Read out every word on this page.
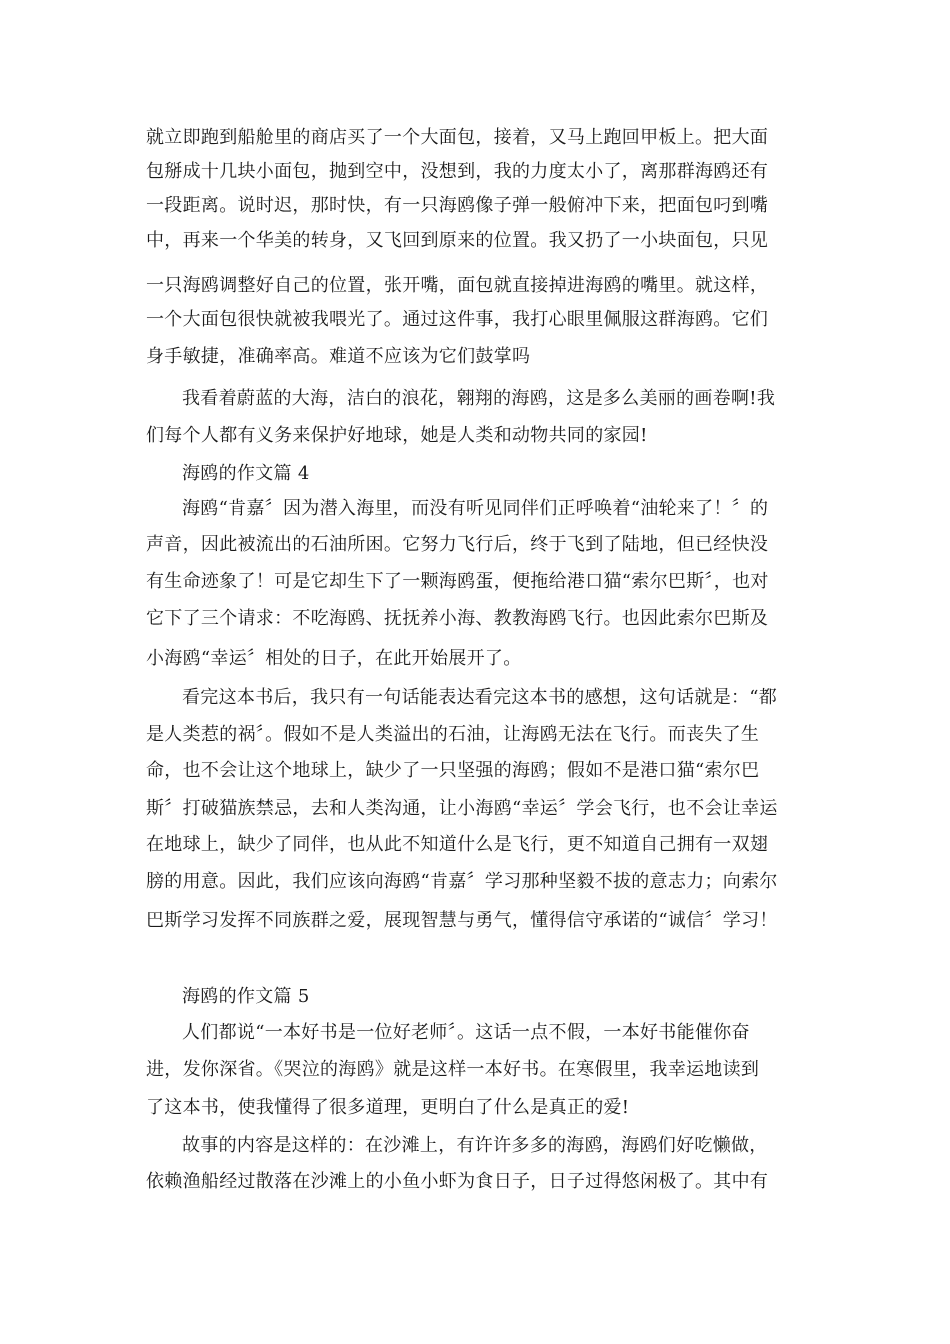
就立即跑到船舱里的商店买了一个大面包，接着，又马上跑回甲板上。把大面
包掰成十几块小面包，抛到空中，没想到，我的力度太小了，离那群海鸥还有
一段距离。说时迟，那时快，有一只海鸥像子弹一般俯冲下来，把面包叼到嘴
中，再来一个华美的转身，又飞回到原来的位置。我又扔了一小块面包，只见
一只海鸥调整好自己的位置，张开嘴，面包就直接掉进海鸥的嘴里。就这样，
一个大面包很快就被我喂光了。通过这件事，我打心眼里佩服这群海鸥。它们
身手敏捷，准确率高。难道不应该为它们鼓掌吗
我看着蔚蓝的大海，洁白的浪花，翱翔的海鸥，这是多么美丽的画卷啊!我
们每个人都有义务来保护好地球，她是人类和动物共同的家园!
海鸥的作文篇 4
海鸥“肯嘉〞因为潜入海里，而没有听见同伴们正呼唤着“油轮来了！〞的
声音，因此被流出的石油所困。它努力飞行后，终于飞到了陆地，但已经快没
有生命迹象了！可是它却生下了一颗海鸥蛋，便拖给港口猫“索尔巴斯〞，也对
它下了三个请求：不吃海鸥、抚抚养小海、教教海鸥飞行。也因此索尔巴斯及
小海鸥“幸运〞相处的日子，在此开始展开了。
看完这本书后，我只有一句话能表达看完这本书的感想，这句话就是：“都
是人类惹的祸〞。假如不是人类溢出的石油，让海鸥无法在飞行。而丧失了生
命，也不会让这个地球上，缺少了一只坚强的海鸥；假如不是港口猫“索尔巴
斯〞打破猫族禁忌，去和人类沟通，让小海鸥“幸运〞学会飞行，也不会让幸运
在地球上，缺少了同伴，也从此不知道什么是飞行，更不知道自己拥有一双翅
膀的用意。因此，我们应该向海鸥“肯嘉〞学习那种坚毅不拔的意志力；向索尔
巴斯学习发挥不同族群之爱，展现智慧与勇气，懂得信守承诺的“诚信〞学习！
海鸥的作文篇 5
人们都说“一本好书是一位好老师〞。这话一点不假，一本好书能催你奋
进，发你深省。《哭泣的海鸥》就是这样一本好书。在寒假里，我幸运地读到
了这本书，使我懂得了很多道理，更明白了什么是真正的爱!
故事的内容是这样的：在沙滩上，有许许多多的海鸥，海鸥们好吃懒做，
依赖渔船经过散落在沙滩上的小鱼小虾为食日子，日子过得悠闲极了。其中有
